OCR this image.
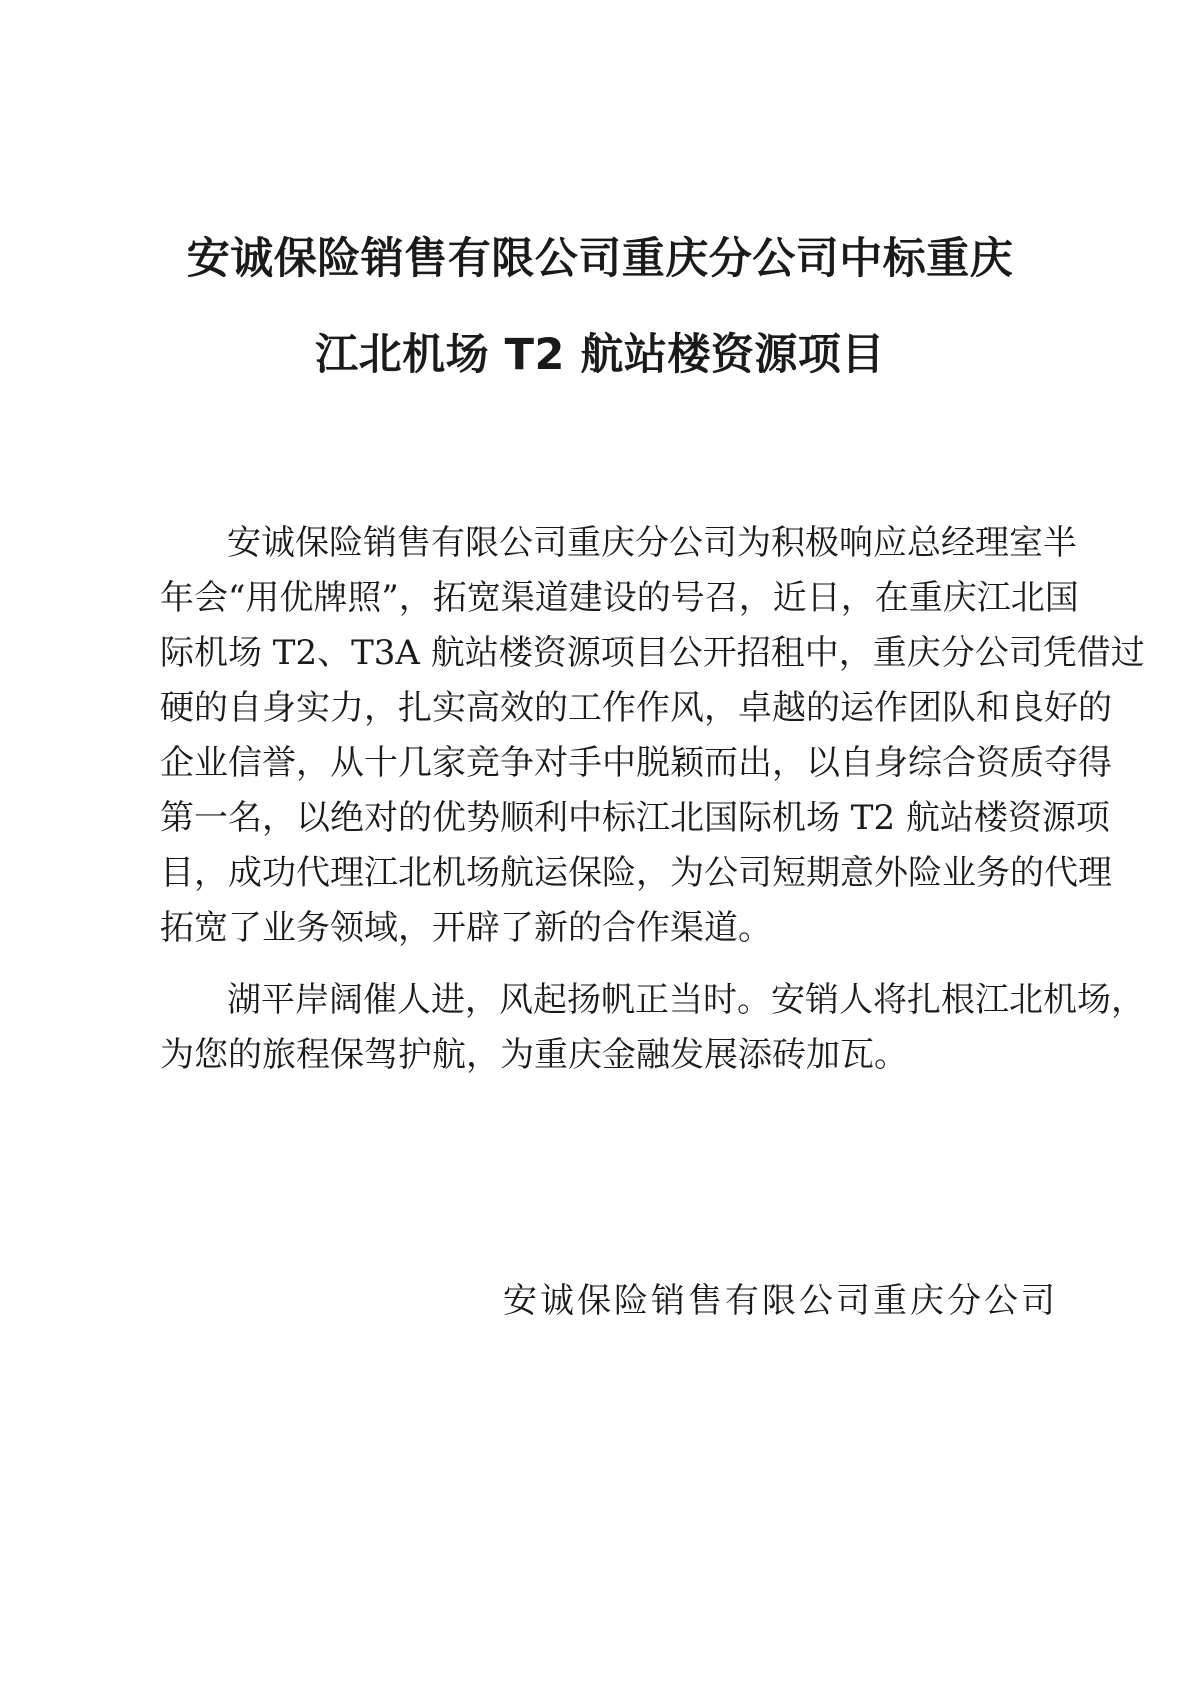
安诚保险销售有限公司重庆分公司中标重庆
江北机场 T2 航站楼资源项目
安诚保险销售有限公司重庆分公司为积极响应总经理室半
年会“用优牌照”，拓宽渠道建设的号召，近日，在重庆江北国
际机场 T2、T3A 航站楼资源项目公开招租中，重庆分公司凭借过
硬的自身实力，扎实高效的工作作风，卓越的运作团队和良好的
企业信誉，从十几家竞争对手中脱颖而出，以自身综合资质夺得
第一名，以绝对的优势顺利中标江北国际机场 T2 航站楼资源项
目，成功代理江北机场航运保险，为公司短期意外险业务的代理
拓宽了业务领域，开辟了新的合作渠道。
湖平岸阔催人进，风起扬帆正当时。安销人将扎根江北机场，
为您的旅程保驾护航，为重庆金融发展添砖加瓦。
安诚保险销售有限公司重庆分公司
